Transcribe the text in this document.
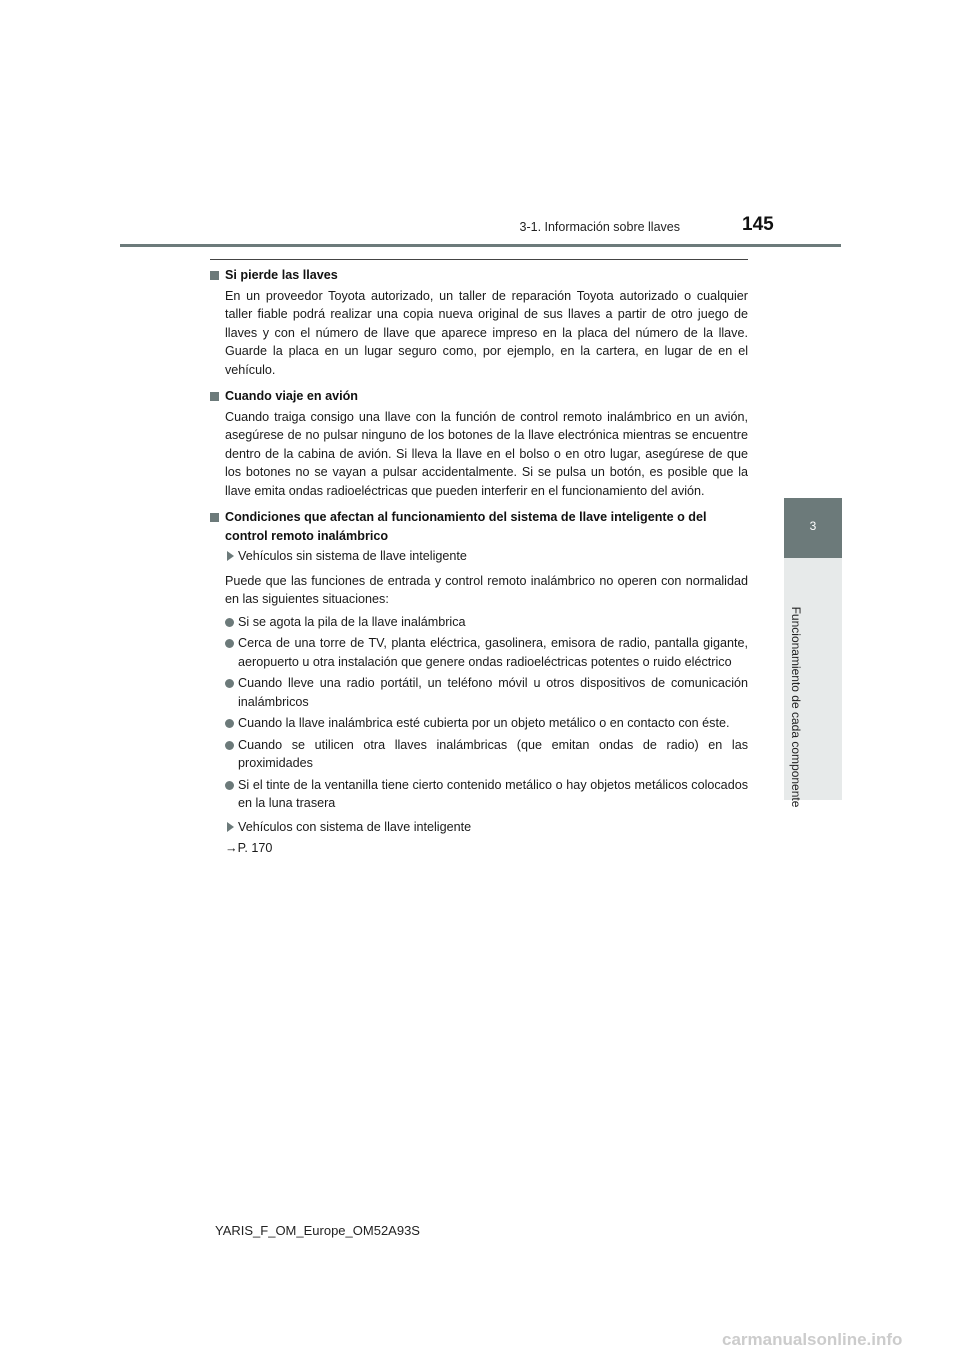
3-1. Información sobre llaves	145
3
Funcionamiento de cada componente
Si pierde las llaves
En un proveedor Toyota autorizado, un taller de reparación Toyota autorizado o cualquier taller fiable podrá realizar una copia nueva original de sus llaves a partir de otro juego de llaves y con el número de llave que aparece impreso en la placa del número de la llave. Guarde la placa en un lugar seguro como, por ejemplo, en la cartera, en lugar de en el vehículo.
Cuando viaje en avión
Cuando traiga consigo una llave con la función de control remoto inalámbrico en un avión, asegúrese de no pulsar ninguno de los botones de la llave electrónica mientras se encuentre dentro de la cabina de avión. Si lleva la llave en el bolso o en otro lugar, asegúrese de que los botones no se vayan a pulsar accidentalmente. Si se pulsa un botón, es posible que la llave emita ondas radioeléctricas que pueden interferir en el funcionamiento del avión.
Condiciones que afectan al funcionamiento del sistema de llave inteligente o del control remoto inalámbrico
Vehículos sin sistema de llave inteligente
Puede que las funciones de entrada y control remoto inalámbrico no operen con normalidad en las siguientes situaciones:
Si se agota la pila de la llave inalámbrica
Cerca de una torre de TV, planta eléctrica, gasolinera, emisora de radio, pantalla gigante, aeropuerto u otra instalación que genere ondas radioeléctricas potentes o ruido eléctrico
Cuando lleve una radio portátil, un teléfono móvil u otros dispositivos de comunicación inalámbricos
Cuando la llave inalámbrica esté cubierta por un objeto metálico o en contacto con éste.
Cuando se utilicen otra llaves inalámbricas (que emitan ondas de radio) en las proximidades
Si el tinte de la ventanilla tiene cierto contenido metálico o hay objetos metálicos colocados en la luna trasera
Vehículos con sistema de llave inteligente
→P. 170
YARIS_F_OM_Europe_OM52A93S
carmanualsonline.info
